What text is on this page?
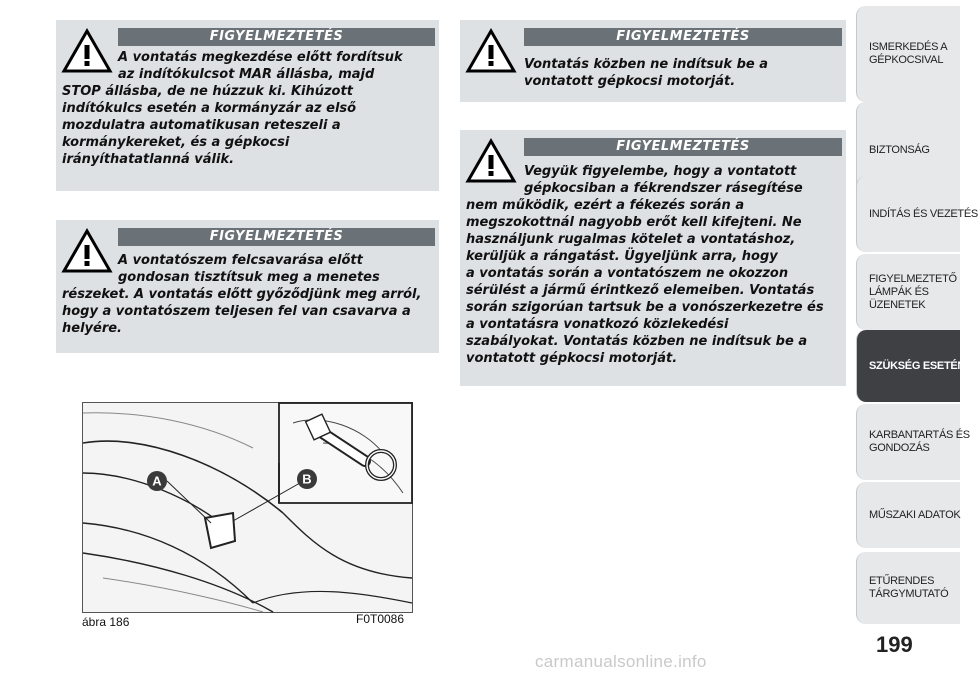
FIGYELMEZTETÉS
A vontatás megkezdése előtt fordítsuk
az indítókulcsot MAR állásba, majd
STOP állásba, de ne húzzuk ki. Kihúzott
indítókulcs esetén a kormányzár az első
mozdulatra automatikusan reteszeli a
kormánykereket, és a gépkocsi
irányíthatatlanná válik.
FIGYELMEZTETÉS
A vontatószem felcsavarása előtt
gondosan tisztítsuk meg a menetes
részeket. A vontatás előtt győződjünk meg arról,
hogy a vontatószem teljesen fel van csavarva a
helyére.
FIGYELMEZTETÉS
Vontatás közben ne indítsuk be a
vontatott gépkocsi motorját.
FIGYELMEZTETÉS
Vegyük figyelembe, hogy a vontatott
gépkocsiban a fékrendszer rásegítése
nem működik, ezért a fékezés során a
megszokottnál nagyobb erőt kell kifejteni. Ne
használjunk rugalmas kötelet a vontatáshoz,
kerüljük a rángatást. Ügyeljünk arra, hogy
a vontatás során a vontatószem ne okozzon
sérülést a jármű érintkező elemeiben. Vontatás
során szigorúan tartsuk be a vonószerkezetre és
a vontatásra vonatkozó közlekedési
szabályokat. Vontatás közben ne indítsuk be a
vontatott gépkocsi motorját.
A	B
ábra 186	F0T0086
ISMERKEDÉS A
GÉPKOCSIVAL
BIZTONSÁG
INDÍTÁS ÉS VEZETÉS
FIGYELMEZTETŐ
LÁMPÁK ÉS
ÜZENETEK
SZÜKSÉG ESETÉN
KARBANTARTÁS ÉS
GONDOZÁS
MŰSZAKI ADATOK
ETŰRENDES
TÁRGYMUTATÓ
199
carmanualsonline.info
